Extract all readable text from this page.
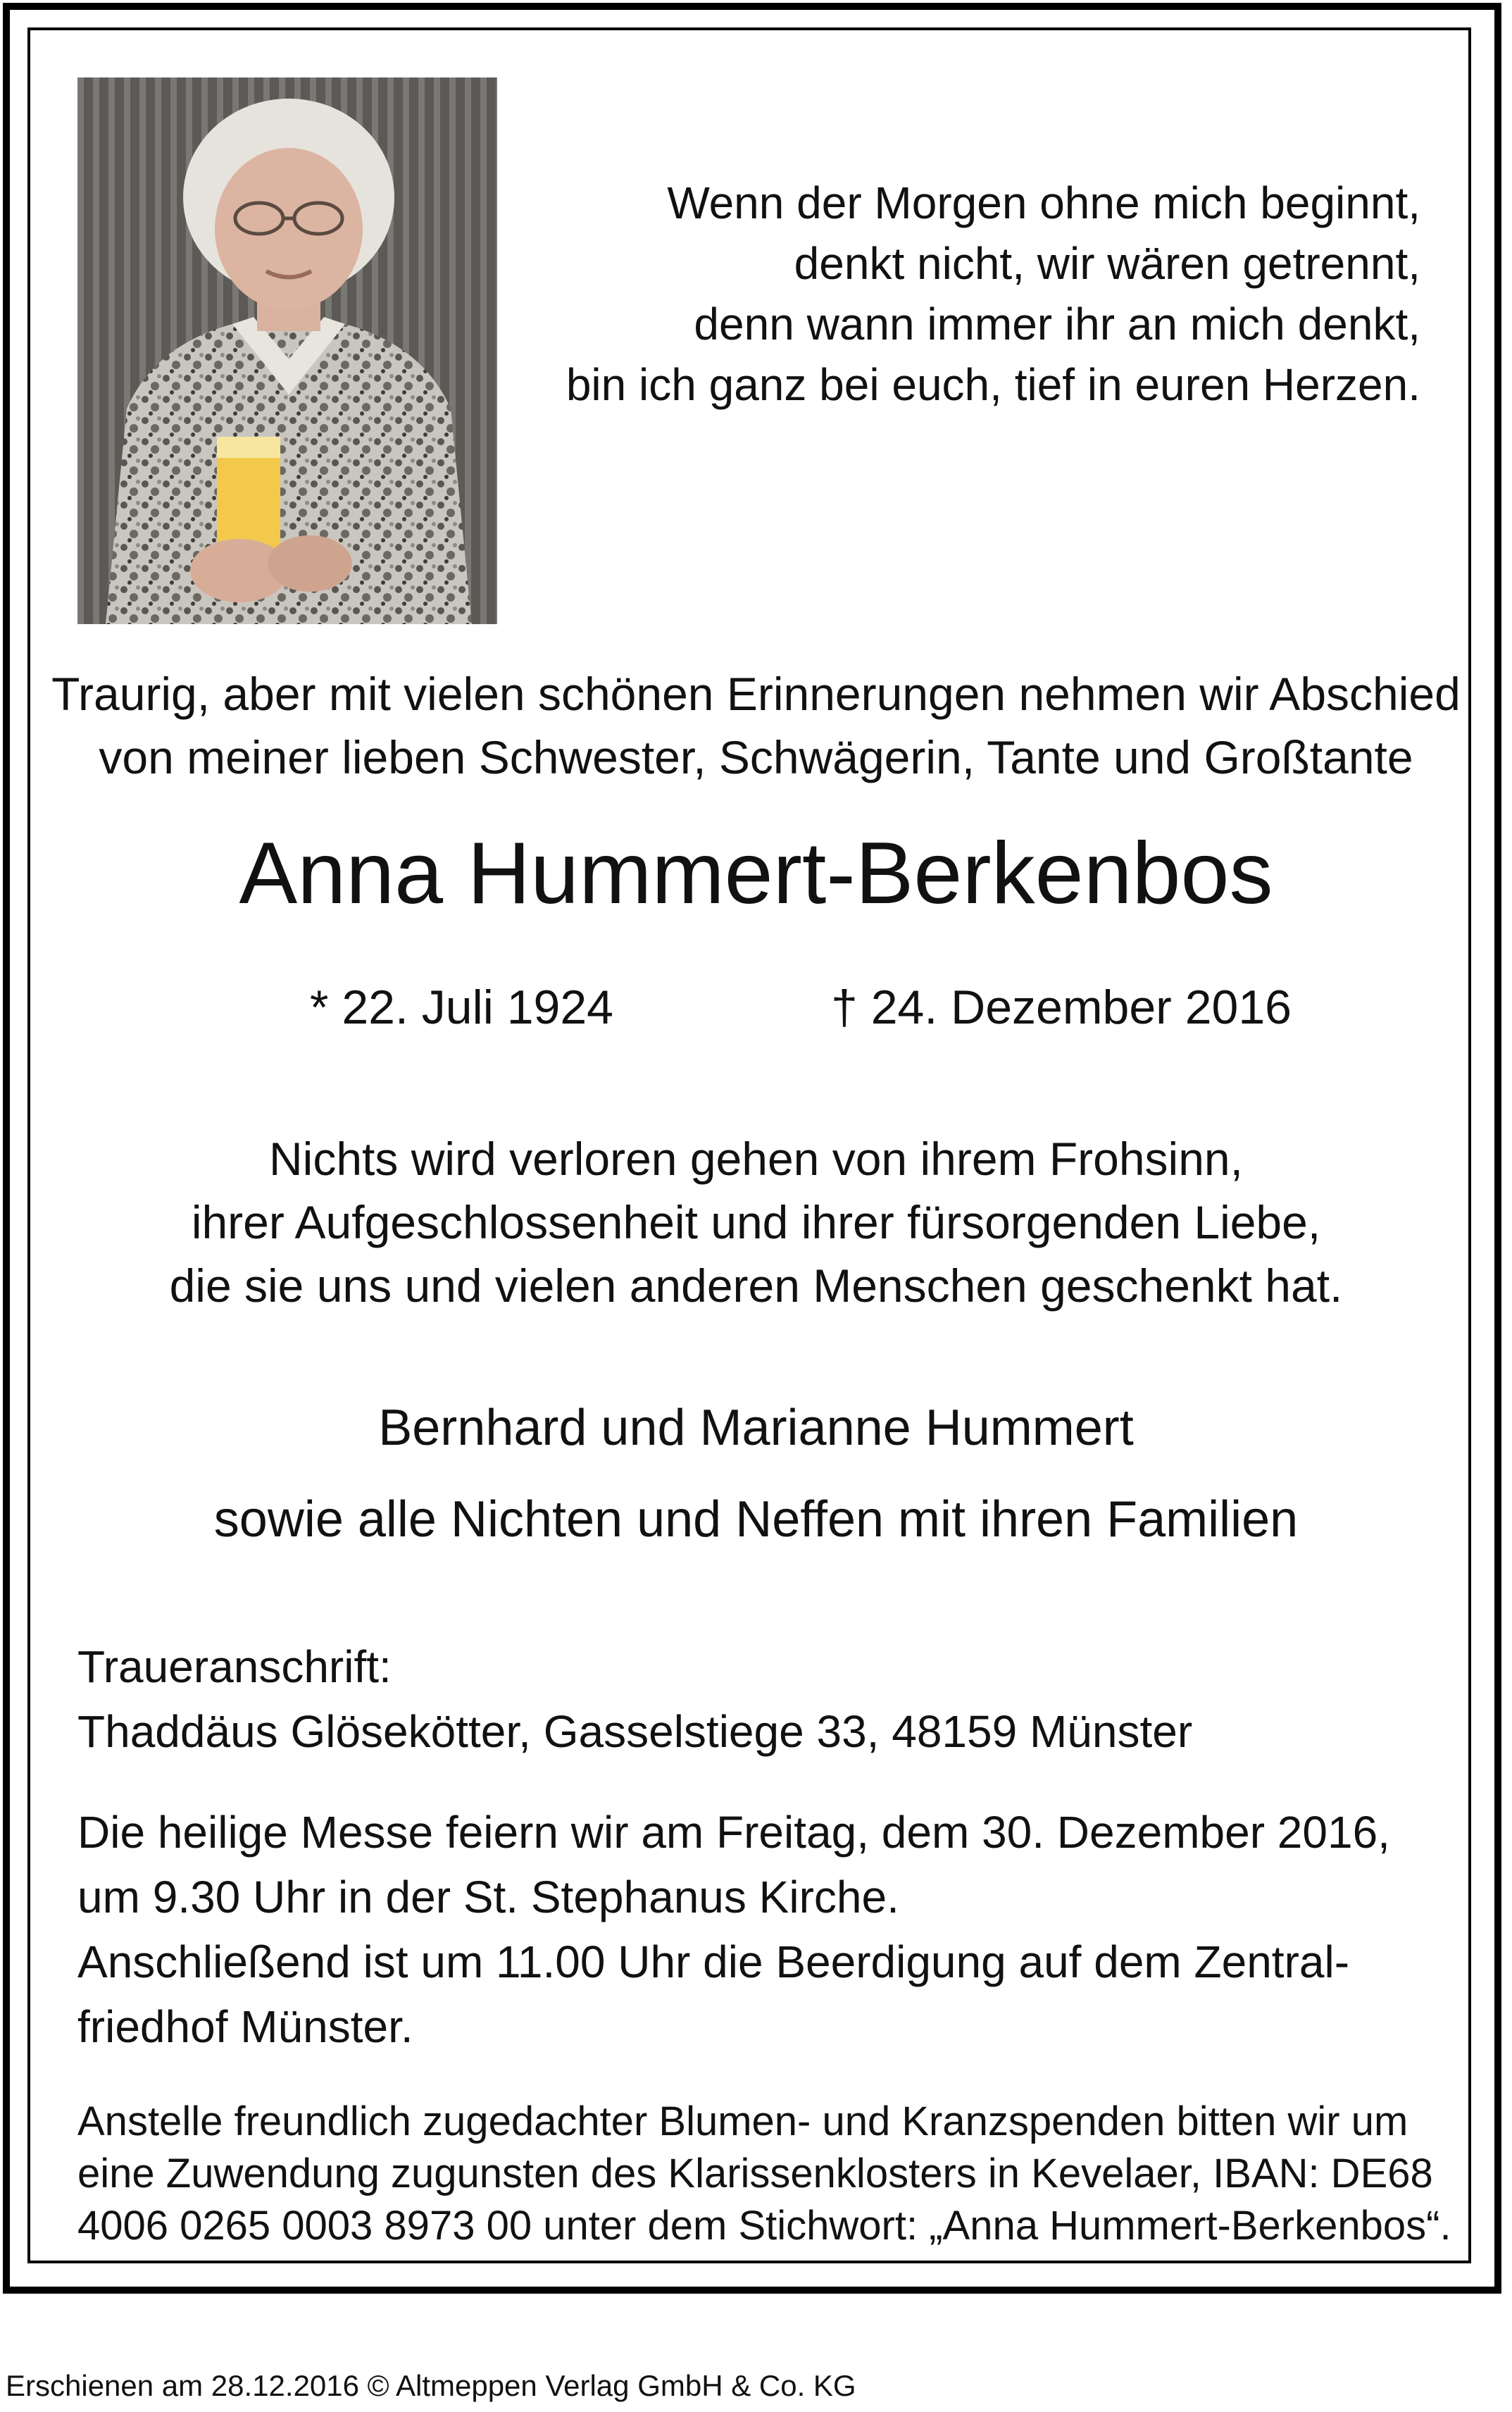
Wenn der Morgen ohne mich beginnt,
denkt nicht, wir wären getrennt,
denn wann immer ihr an mich denkt,
bin ich ganz bei euch, tief in euren Herzen.
Traurig, aber mit vielen schönen Erinnerungen nehmen wir Abschied
von meiner lieben Schwester, Schwägerin, Tante und Großtante
Anna Hummert-Berkenbos
* 22. Juli 1924	† 24. Dezember 2016
Nichts wird verloren gehen von ihrem Frohsinn,
ihrer Aufgeschlossenheit und ihrer fürsorgenden Liebe,
die sie uns und vielen anderen Menschen geschenkt hat.
Bernhard und Marianne Hummert
sowie alle Nichten und Neffen mit ihren Familien
Traueranschrift:
Thaddäus Glösekötter, Gasselstiege 33, 48159 Münster
Die heilige Messe feiern wir am Freitag, dem 30. Dezember 2016,
um 9.30 Uhr in der St. Stephanus Kirche.
Anschließend ist um 11.00 Uhr die Beerdigung auf dem Zentral-
friedhof Münster.
Anstelle freundlich zugedachter Blumen- und Kranzspenden bitten wir um
eine Zuwendung zugunsten des Klarissenklosters in Kevelaer, IBAN: DE68
4006 0265 0003 8973 00 unter dem Stichwort: „Anna Hummert-Berkenbos“.
Erschienen am 28.12.2016 © Altmeppen Verlag GmbH & Co. KG
